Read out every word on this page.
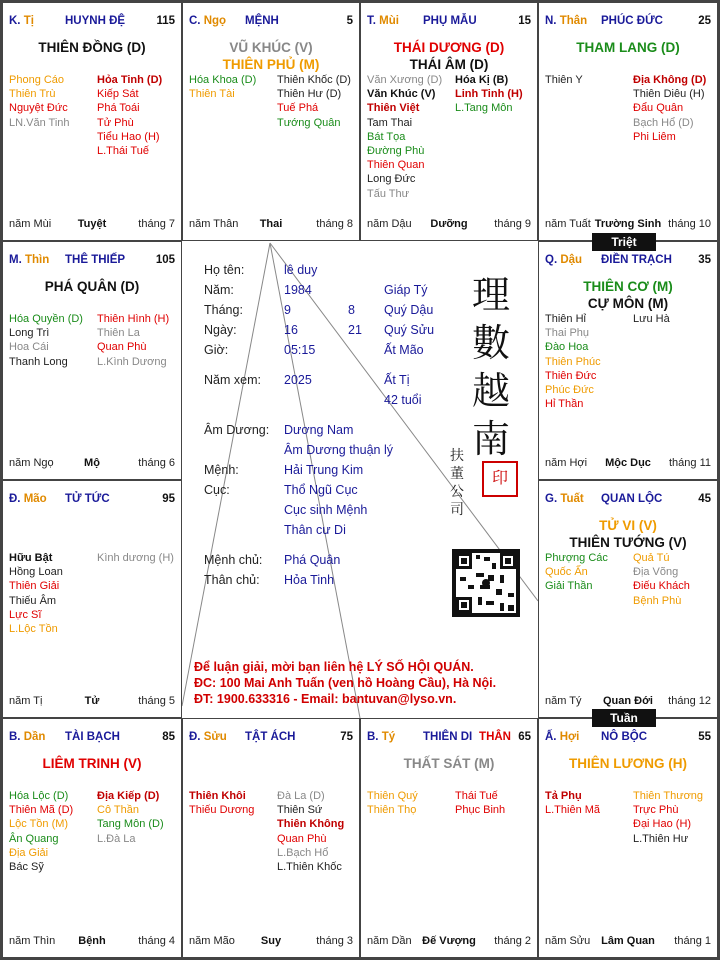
K. Tị	HUYNH ĐỆ	115
THIÊN ĐỒNG (D)
Phong Cáo
Thiên Trù
Nguyệt Đức
LN.Văn Tinh
Hỏa Tinh (D)
Kiếp Sát
Phá Toái
Tử Phù
Tiểu Hao (H)
L.Thái Tuế
năm Mùi	Tuyệt	tháng 7
C. Ngọ MỆNH	5
VŨ KHÚC (V)
THIÊN PHỦ (M)
Hóa Khoa (D)
Thiên Tài
Thiên Khốc (D)
Thiên Hư (D)
Tuế Phá
Tướng Quân
năm Thân	Thai	tháng 8
T. Mùi PHỤ MẪU	15
THÁI DƯƠNG (D)
THÁI ÂM (D)
Văn Xương (D)
Văn Khúc (V)
Thiên Việt
Tam Thai
Bát Tọa
Đường Phù
Thiên Quan
Long Đức
Tấu Thư
Hóa Kị (B)
Linh Tinh (H)
L.Tang Môn
năm Dậu	Dưỡng	tháng 9
N. Thân PHÚC ĐỨC	25
THAM LANG (D)
Thiên Y	Địa Không (D)
Thiên Diêu (H)
Đẩu Quân
Bạch Hổ (D)
Phi Liêm
năm Tuất Trường Sinh tháng 10
M. Thìn THÊ THIẾP	105
PHÁ QUÂN (D)
Hóa Quyền (D)
Long Trì
Hoa Cái
Thanh Long
Thiên Hình (H)
Thiên La
Quan Phù
L.Kình Dương
năm Ngọ	Mộ	tháng 6
Q. Dậu ĐIỀN TRẠCH 35
THIÊN CƠ (M)
CỰ MÔN (M)
Thiên Hỉ
Thai Phụ
Đào Hoa
Thiên Phúc
Thiên Đức
Phúc Đức
Hỉ Thần
Lưu Hà
năm Hợi	Mộc Dục	tháng 11
Đ. Mão TỬ TỨC	95
Hữu Bật
Hồng Loan
Thiên Giải
Thiếu Âm
Lực Sĩ
L.Lộc Tồn
Kình dương (H)
năm Tị	Tử	tháng 5
G. Tuất QUAN LỘC	45
TỬ VI (V)
THIÊN TƯỚNG (V)
Phượng Các
Quốc Ấn
Giải Thần
Quả Tú
Địa Võng
Điếu Khách
Bệnh Phù
năm Tý	Quan Đới	tháng 12
B. Dần TÀI BẠCH	85
LIÊM TRINH (V)
Hóa Lộc (D)
Thiên Mã (D)
Lộc Tồn (M)
Ân Quang
Địa Giải
Bác Sỹ
Địa Kiếp (D)
Cô Thần
Tang Môn (D)
L.Đà La
năm Thìn	Bệnh	tháng 4
Đ. Sửu TẬT ÁCH	75
Thiên Khôi
Thiếu Dương
Đà La (D)
Thiên Sứ
Thiên Không
Quan Phù
L.Bạch Hổ
L.Thiên Khốc
năm Mão	Suy	tháng 3
B. Tý THIÊN DI THÂN 65
THẤT SÁT (M)
Thiên Quý
Thiên Thọ
Thái Tuế
Phục Binh
năm Dần Đế Vượng	tháng 2
Ấ. Hợi NÔ BỘC	55
THIÊN LƯƠNG (H)
Tả Phụ
L.Thiên Mã
Thiên Thương
Trực Phù
Đại Hao (H)
L.Thiên Hư
năm Sửu Lâm Quan	tháng 1
Triệt
Tuần
Họ tên:	lê duy
Năm:	1984	Giáp Tý
Tháng:	9	8 Quý Dậu
Ngày:	16	21 Quý Sửu
Giờ:	05:15	Ất Mão
Năm xem: 2025	Ất Tị
42 tuổi
Âm Dương: Dương Nam
Âm Dương thuận lý
Mệnh:	Hải Trung Kim
Cục:	Thổ Ngũ Cục
Cục sinh Mệnh
Thân cư Di
Mệnh chủ: Phá Quân
Thân chủ: Hỏa Tinh
理數越南
扶董公司
印
Để luận giải, mời bạn liên hệ LÝ SỐ HỘI QUÁN.
ĐC: 100 Mai Anh Tuấn (ven hồ Hoàng Cầu), Hà Nội.
ĐT: 1900.633316 - Email: bantuvan@lyso.vn.
